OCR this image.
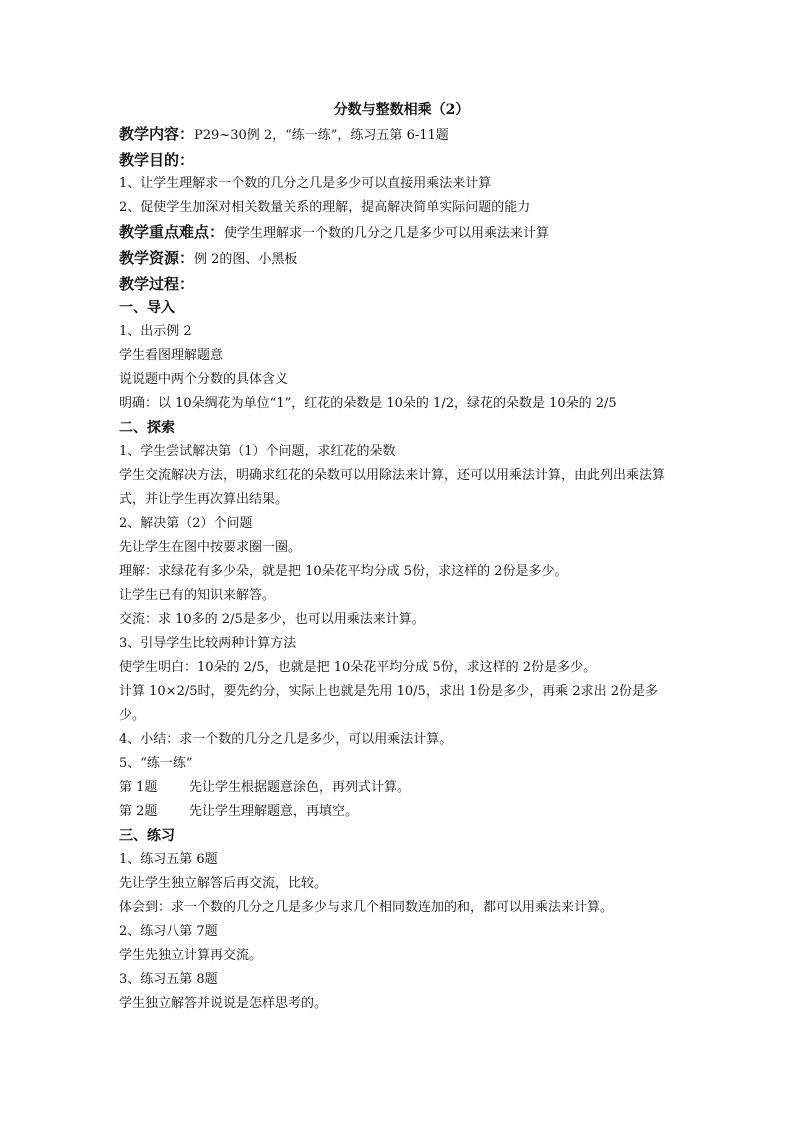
分数与整数相乘（2）
教学内容：P29~30例 2，“练一练”，练习五第 6-11题
教学目的：
1、让学生理解求一个数的几分之几是多少可以直接用乘法来计算
2、促使学生加深对相关数量关系的理解，提高解决简单实际问题的能力
教学重点难点：使学生理解求一个数的几分之几是多少可以用乘法来计算
教学资源：例 2的图、小黑板
教学过程：
一、导入
1、出示例 2
学生看图理解题意
说说题中两个分数的具体含义
明确：以 10朵绸花为单位“1”，红花的朵数是 10朵的 1/2，绿花的朵数是 10朵的 2/5
二、探索
1、学生尝试解决第（1）个问题，求红花的朵数
学生交流解决方法，明确求红花的朵数可以用除法来计算，还可以用乘法计算，由此列出乘法算式，并让学生再次算出结果。
2、解决第（2）个问题
先让学生在图中按要求圈一圈。
理解：求绿花有多少朵，就是把 10朵花平均分成 5份，求这样的 2份是多少。
让学生已有的知识来解答。
交流：求 10多的 2/5是多少，也可以用乘法来计算。
3、引导学生比较两种计算方法
使学生明白：10朵的 2/5，也就是把 10朵花平均分成 5份，求这样的 2份是多少。
计算 10×2/5时，要先约分，实际上也就是先用 10/5，求出 1份是多少，再乘 2求出 2份是多少。
4、小结：求一个数的几分之几是多少，可以用乘法计算。
5、“练一练”
第 1题 先让学生根据题意涂色，再列式计算。
第 2题 先让学生理解题意，再填空。
三、练习
1、练习五第 6题
先让学生独立解答后再交流，比较。
体会到：求一个数的几分之几是多少与求几个相同数连加的和，都可以用乘法来计算。
2、练习八第 7题
学生先独立计算再交流。
3、练习五第 8题
学生独立解答并说说是怎样思考的。
